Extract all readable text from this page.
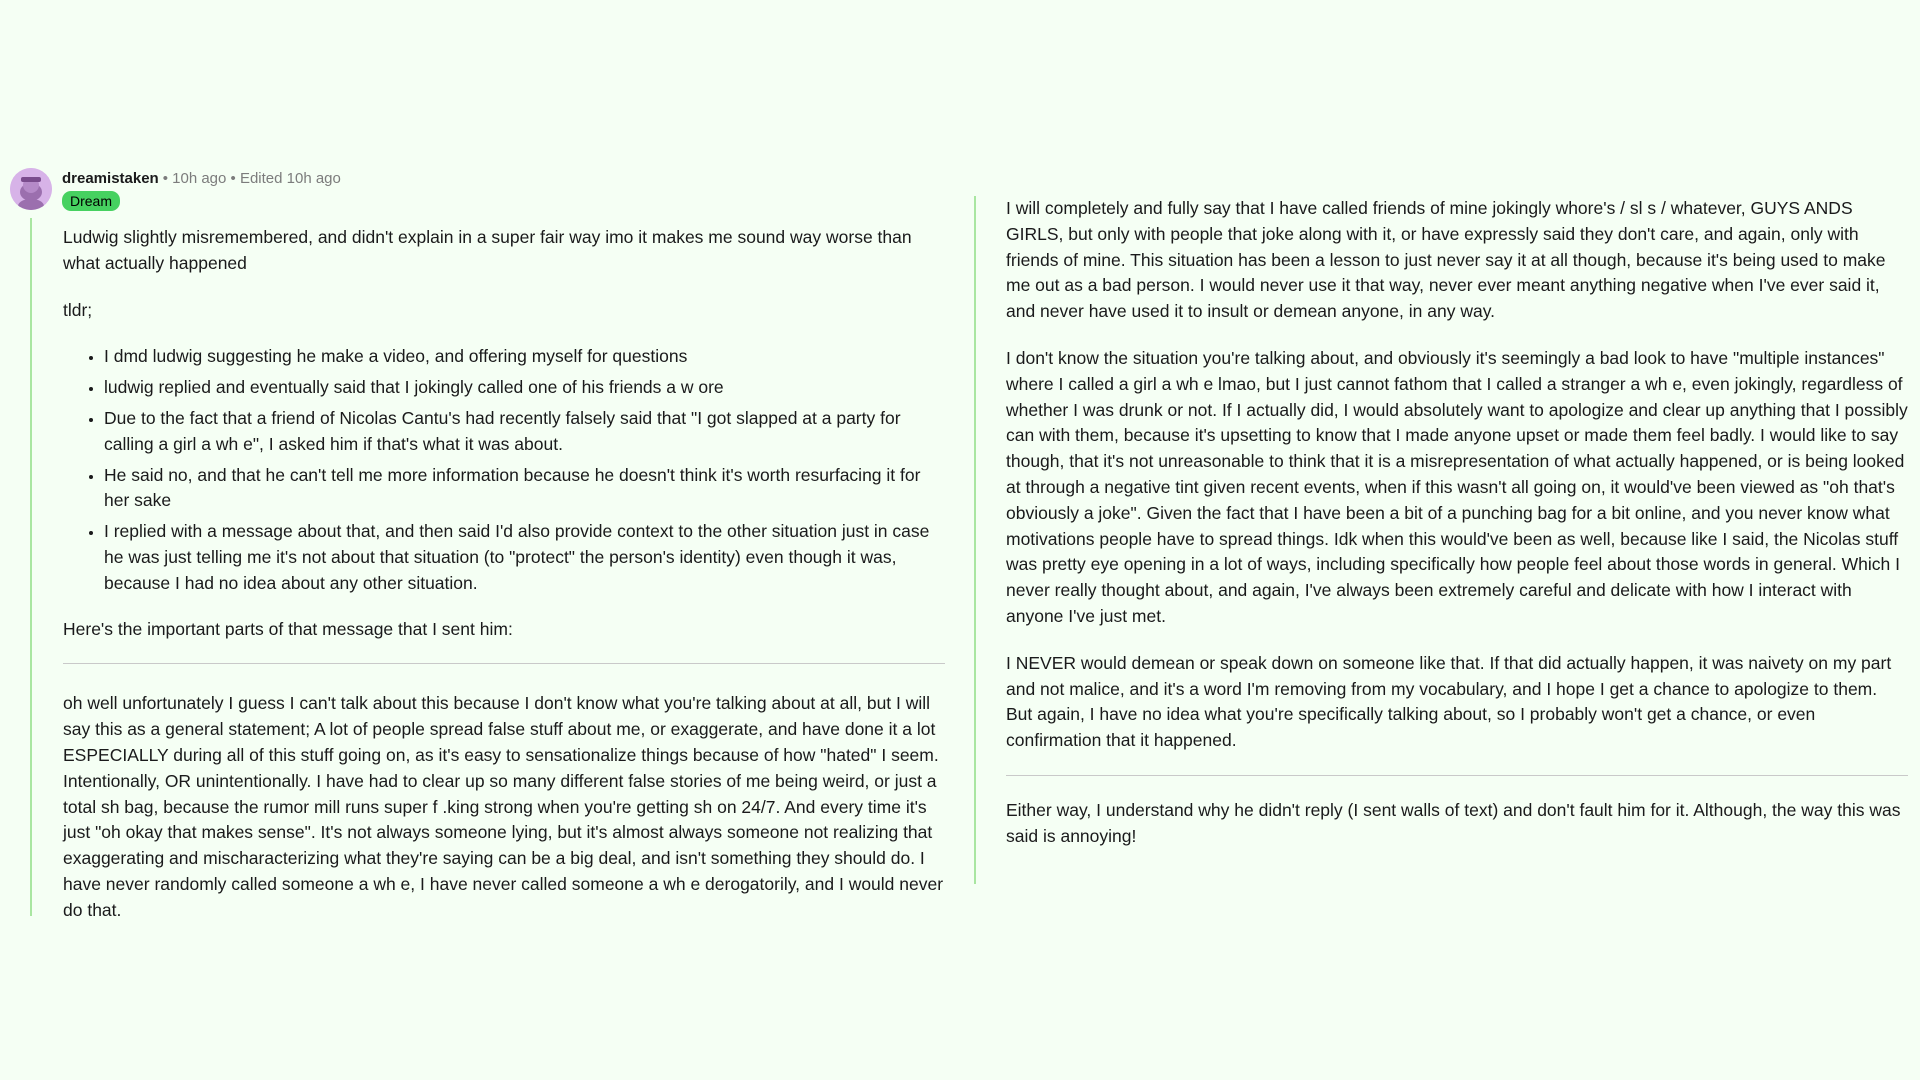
dreamistaken • 10h ago • Edited 10h ago
Dream

Ludwig slightly misremembered, and didn't explain in a super fair way imo it makes me sound way worse than what actually happened

tldr;

• I dmd ludwig suggesting he make a video, and offering myself for questions
• ludwig replied and eventually said that I jokingly called one of his friends a w ore
• Due to the fact that a friend of Nicolas Cantu's had recently falsely said that "I got slapped at a party for calling a girl a wh e", I asked him if that's what it was about.
• He said no, and that he can't tell me more information because he doesn't think it's worth resurfacing it for her sake
• I replied with a message about that, and then said I'd also provide context to the other situation just in case he was just telling me it's not about that situation (to "protect" the person's identity) even though it was, because I had no idea about any other situation.

Here's the important parts of that message that I sent him:

oh well unfortunately I guess I can't talk about this because I don't know what you're talking about at all, but I will say this as a general statement; A lot of people spread false stuff about me, or exaggerate, and have done it a lot ESPECIALLY during all of this stuff going on, as it's easy to sensationalize things because of how "hated" I seem. Intentionally, OR unintentionally. I have had to clear up so many different false stories of me being weird, or just a total sh bag, because the rumor mill runs super f .king strong when you're getting sh on 24/7. And every time it's just "oh okay that makes sense". It's not always someone lying, but it's almost always someone not realizing that exaggerating and mischaracterizing what they're saying can be a big deal, and isn't something they should do. I have never randomly called someone a wh e, I have never called someone a wh e derogatorily, and I would never do that.

I will completely and fully say that I have called friends of mine jokingly whore's / sl s / whatever, GUYS ANDS GIRLS, but only with people that joke along with it, or have expressly said they don't care, and again, only with friends of mine. This situation has been a lesson to just never say it at all though, because it's being used to make me out as a bad person. I would never use it that way, never ever meant anything negative when I've ever said it, and never have used it to insult or demean anyone, in any way.

I don't know the situation you're talking about, and obviously it's seemingly a bad look to have "multiple instances" where I called a girl a wh e lmao, but I just cannot fathom that I called a stranger a wh e, even jokingly, regardless of whether I was drunk or not. If I actually did, I would absolutely want to apologize and clear up anything that I possibly can with them, because it's upsetting to know that I made anyone upset or made them feel badly. I would like to say though, that it's not unreasonable to think that it is a misrepresentation of what actually happened, or is being looked at through a negative tint given recent events, when if this wasn't all going on, it would've been viewed as "oh that's obviously a joke". Given the fact that I have been a bit of a punching bag for a bit online, and you never know what motivations people have to spread things. Idk when this would've been as well, because like I said, the Nicolas stuff was pretty eye opening in a lot of ways, including specifically how people feel about those words in general. Which I never really thought about, and again, I've always been extremely careful and delicate with how I interact with anyone I've just met.

I NEVER would demean or speak down on someone like that. If that did actually happen, it was naivety on my part and not malice, and it's a word I'm removing from my vocabulary, and I hope I get a chance to apologize to them. But again, I have no idea what you're specifically talking about, so I probably won't get a chance, or even confirmation that it happened.

Either way, I understand why he didn't reply (I sent walls of text) and don't fault him for it. Although, the way this was said is annoying!
